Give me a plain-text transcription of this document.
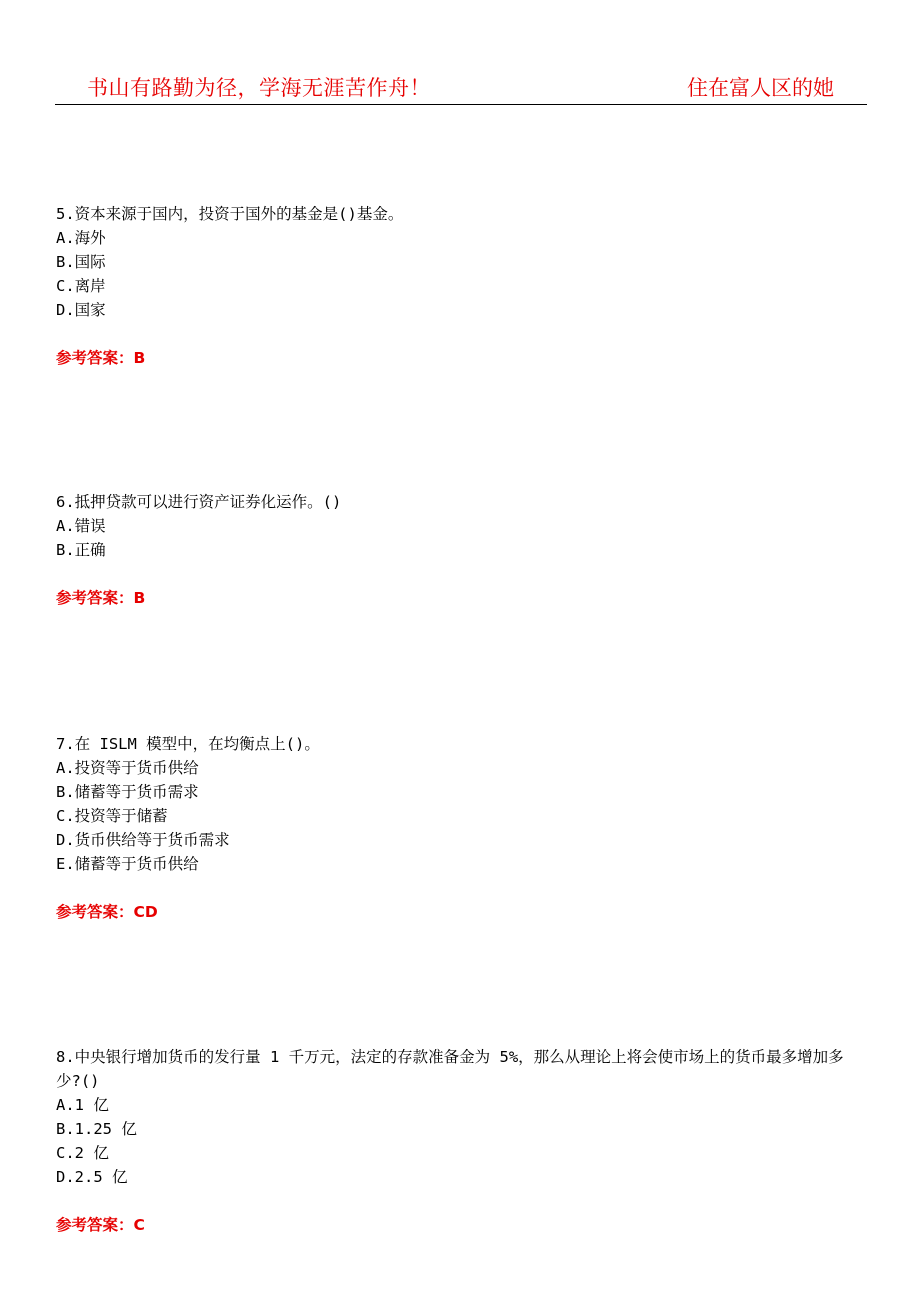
书山有路勤为径，学海无涯苦作舟！	住在富人区的她

5.资本来源于国内，投资于国外的基金是()基金。

A.海外
B.国际
C.离岸
D.国家
参考答案：B

6.抵押贷款可以进行资产证券化运作。()

A.错误
B.正确
参考答案：B

7.在 ISLM 模型中，在均衡点上()。

A.投资等于货币供给
B.储蓄等于货币需求
C.投资等于储蓄
D.货币供给等于货币需求
E.储蓄等于货币供给
参考答案：CD

8.中央银行增加货币的发行量 1 千万元，法定的存款准备金为 5%，那么从理论上将会使市场上的货币最多增加多少?()

A.1 亿
B.1.25 亿
C.2 亿
D.2.5 亿
参考答案：C
